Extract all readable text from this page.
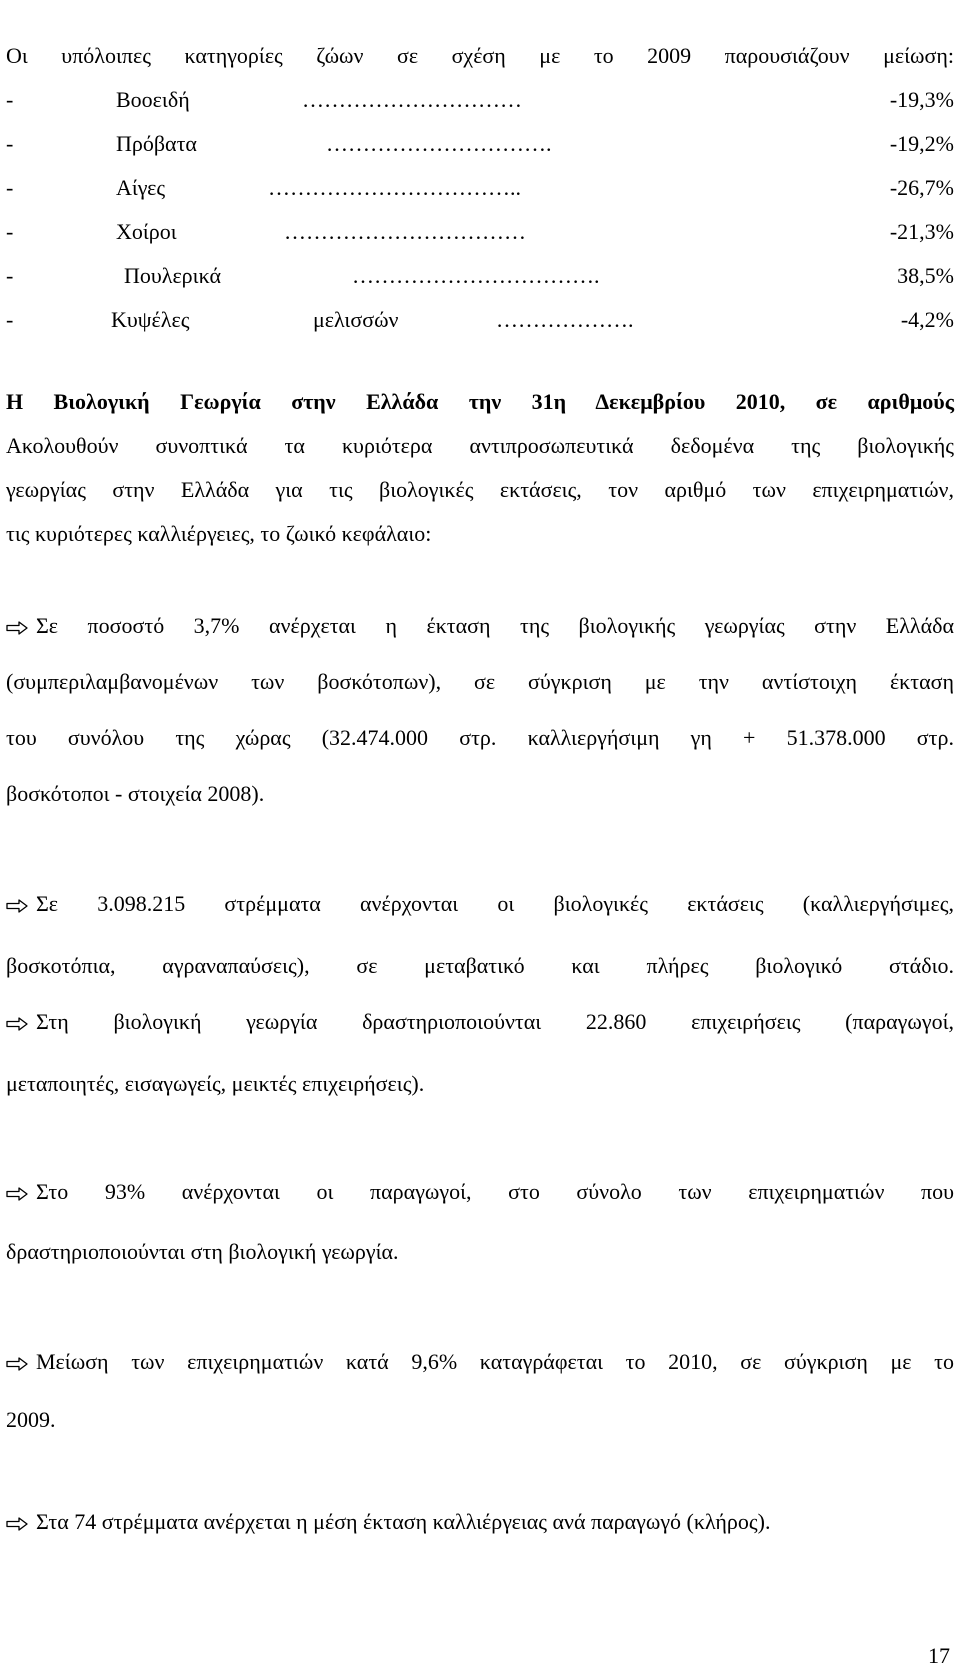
Οι υπόλοιπες κατηγορίες ζώων σε σχέση με το 2009 παρουσιάζουν μείωση:
-	Βοοειδή	…………………………	-19,3%
-	Πρόβατα	………………………….	-19,2%
-	Αίγες	……………………………..	-26,7%
-	Χοίροι	……………………………	-21,3%
-	Πουλερικά	…………………………….	38,5%
-	Κυψέλες	μελισσών	……………….	-4,2%
Η Βιολογική Γεωργία στην Ελλάδα την 31η Δεκεμβρίου 2010, σε αριθμούς
Ακολουθούν συνοπτικά τα κυριότερα αντιπροσωπευτικά δεδομένα της βιολογικής
γεωργίας στην Ελλάδα για τις βιολογικές εκτάσεις, τον αριθμό των επιχειρηματιών,
τις κυριότερες καλλιέργειες, το ζωικό κεφάλαιο:
Σε ποσοστό 3,7% ανέρχεται η έκταση της βιολογικής γεωργίας στην Ελλάδα
(συμπεριλαμβανομένων των βοσκότοπων), σε σύγκριση με την αντίστοιχη έκταση
του συνόλου της χώρας (32.474.000 στρ. καλλιεργήσιμη γη + 51.378.000 στρ.
βοσκότοποι - στοιχεία 2008).
Σε 3.098.215 στρέμματα ανέρχονται οι βιολογικές εκτάσεις (καλλιεργήσιμες,
βοσκοτόπια, αγραναπαύσεις), σε μεταβατικό και πλήρες βιολογικό στάδιο.
Στη βιολογική γεωργία δραστηριοποιούνται 22.860 επιχειρήσεις (παραγωγοί,
μεταποιητές, εισαγωγείς, μεικτές επιχειρήσεις).
Στο 93% ανέρχονται οι παραγωγοί, στο σύνολο των επιχειρηματιών που
δραστηριοποιούνται στη βιολογική γεωργία.
Μείωση των επιχειρηματιών κατά 9,6% καταγράφεται το 2010, σε σύγκριση με το
2009.
Στα 74 στρέμματα ανέρχεται η μέση έκταση καλλιέργειας ανά παραγωγό (κλήρος).
17
